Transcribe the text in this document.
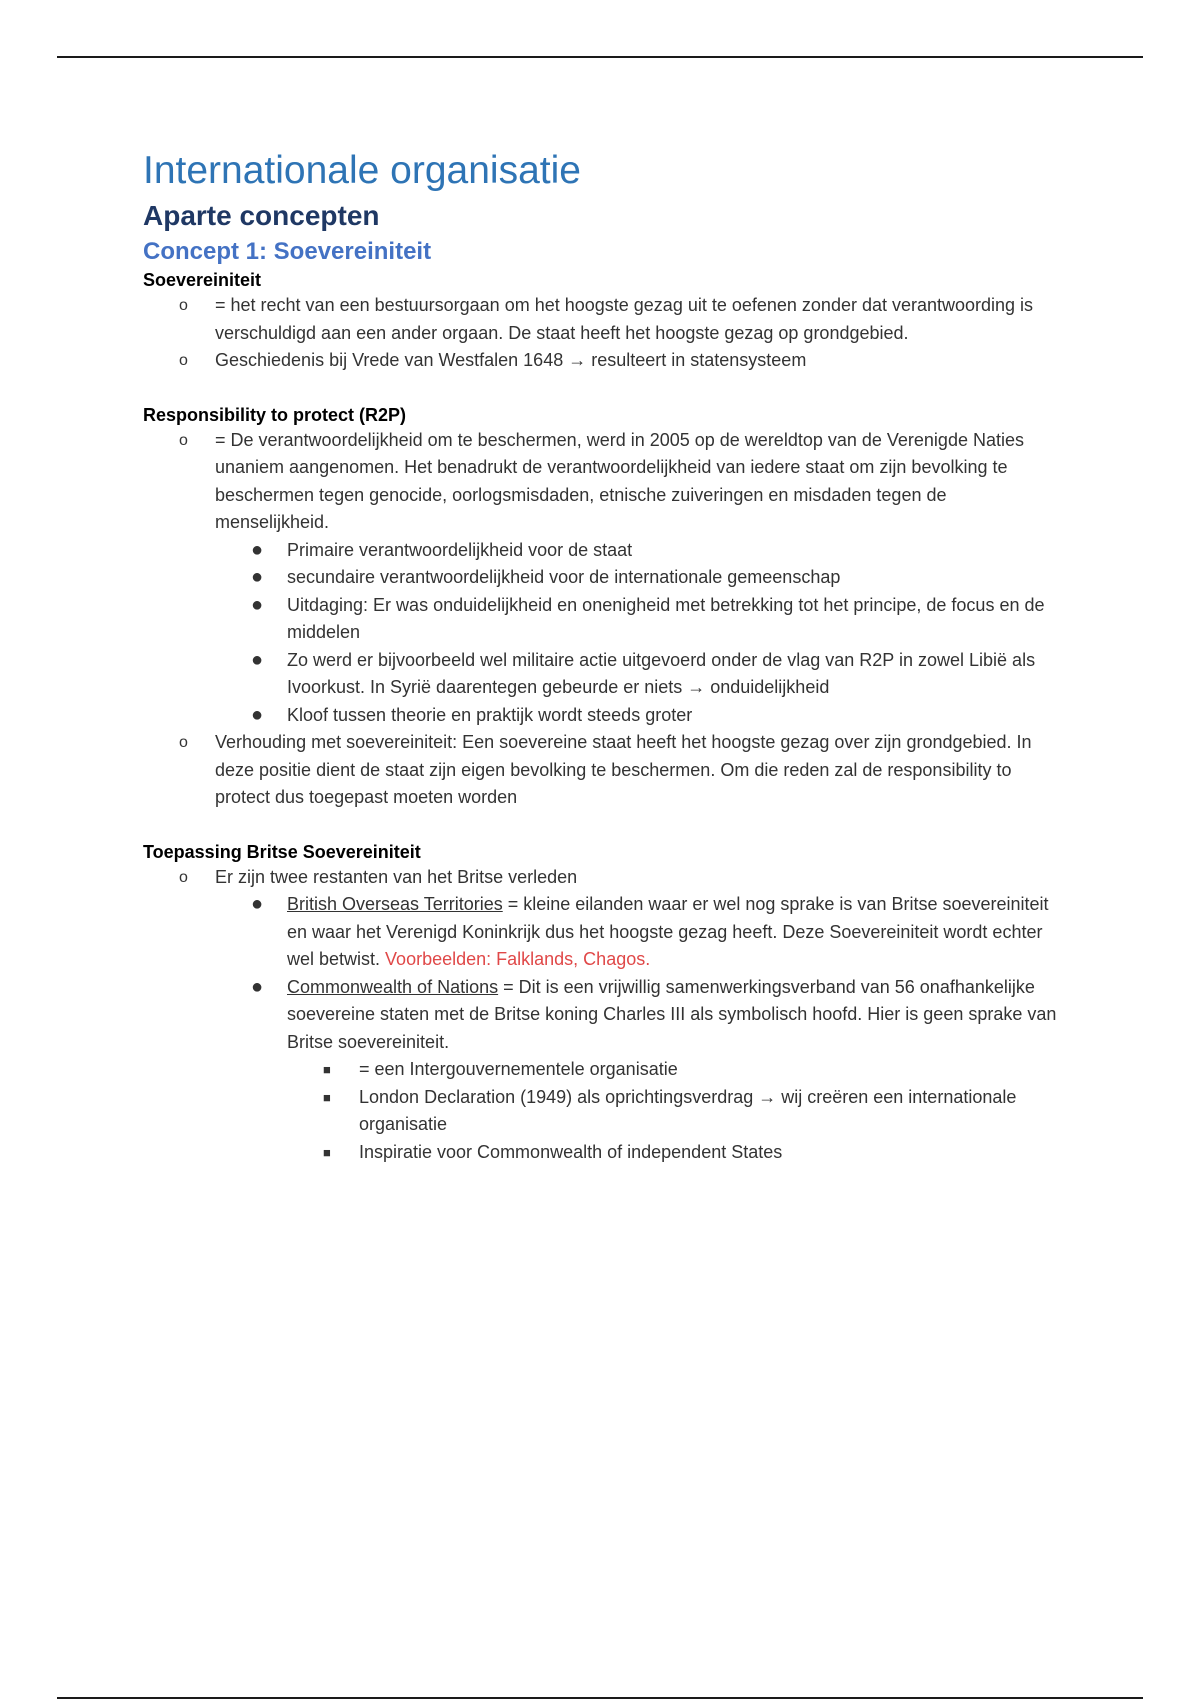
Internationale organisatie
Aparte concepten
Concept 1: Soevereiniteit
Soevereiniteit
o = het recht van een bestuursorgaan om het hoogste gezag uit te oefenen zonder dat verantwoording is verschuldigd aan een ander orgaan. De staat heeft het hoogste gezag op grondgebied.
o Geschiedenis bij Vrede van Westfalen 1648 → resulteert in statensysteem
Responsibility to protect (R2P)
o = De verantwoordelijkheid om te beschermen, werd in 2005 op de wereldtop van de Verenigde Naties unaniem aangenomen. Het benadrukt de verantwoordelijkheid van iedere staat om zijn bevolking te beschermen tegen genocide, oorlogsmisdaden, etnische zuiveringen en misdaden tegen de menselijkheid.
● Primaire verantwoordelijkheid voor de staat
● secundaire verantwoordelijkheid voor de internationale gemeenschap
● Uitdaging: Er was onduidelijkheid en onenigheid met betrekking tot het principe, de focus en de middelen
● Zo werd er bijvoorbeeld wel militaire actie uitgevoerd onder de vlag van R2P in zowel Libië als Ivoorkust. In Syrië daarentegen gebeurde er niets → onduidelijkheid
● Kloof tussen theorie en praktijk wordt steeds groter
o Verhouding met soevereiniteit: Een soevereine staat heeft het hoogste gezag over zijn grondgebied. In deze positie dient de staat zijn eigen bevolking te beschermen. Om die reden zal de responsibility to protect dus toegepast moeten worden
Toepassing Britse Soevereiniteit
o Er zijn twee restanten van het Britse verleden
● British Overseas Territories = kleine eilanden waar er wel nog sprake is van Britse soevereiniteit en waar het Verenigd Koninkrijk dus het hoogste gezag heeft. Deze Soevereiniteit wordt echter wel betwist. Voorbeelden: Falklands, Chagos.
● Commonwealth of Nations = Dit is een vrijwillig samenwerkingsverband van 56 onafhankelijke soevereine staten met de Britse koning Charles III als symbolisch hoofd. Hier is geen sprake van Britse soevereiniteit.
■ = een Intergouvernementele organisatie
■ London Declaration (1949) als oprichtingsverdrag → wij creëren een internationale organisatie
■ Inspiratie voor Commonwealth of independent States
